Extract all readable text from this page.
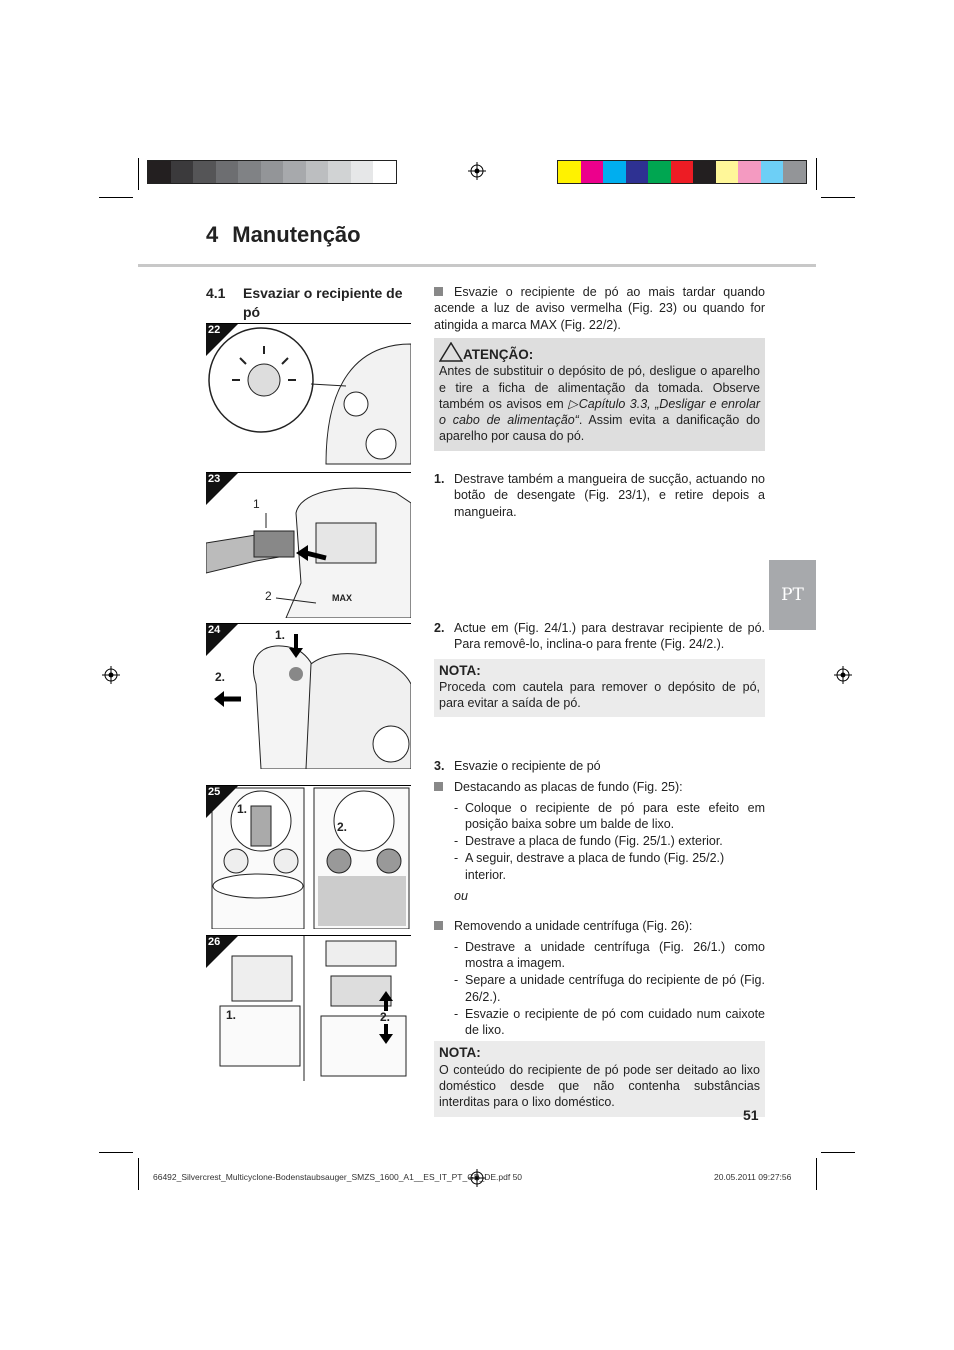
4 Manutenção
4.1 Esvaziar o recipiente de pó
22
23
1
2	MAX
24	1.
2.
25
1.
2.
26
1.	2.
Esvazie o recipiente de pó ao mais tardar quando acende a luz de aviso vermelha (Fig. 23) ou quando for atingida a marca MAX (Fig. 22/2).
ATENÇÃO:
Antes de substituir o depósito de pó, desligue o aparelho e tire a ficha de alimentação da tomada. Observe também os avisos em ▷Capítulo 3.3, „Desligar e enrolar o cabo de alimentação“. Assim evita a danificação do aparelho por causa do pó.
1. Destrave também a mangueira de sucção, actuando no botão de desengate (Fig. 23/1), e retire depois a mangueira.
2. Actue em (Fig. 24/1.) para destravar recipiente de pó. Para removê-lo, inclina-o para frente (Fig. 24/2.).
NOTA:
Proceda com cautela para remover o depósito de pó, para evitar a saída de pó.
3. Esvazie o recipiente de pó
Destacando as placas de fundo (Fig. 25):
- Coloque o recipiente de pó para este efeito em posição baixa sobre um balde de lixo.
- Destrave a placa de fundo (Fig. 25/1.) exterior.
- A seguir, destrave a placa de fundo (Fig. 25/2.) interior.
ou
Removendo a unidade centrífuga (Fig. 26):
- Destrave a unidade centrífuga (Fig. 26/1.) como mostra a imagem.
- Separe a unidade centrífuga do recipiente de pó (Fig. 26/2.).
- Esvazie o recipiente de pó com cuidado num caixote de lixo.
NOTA:
O conteúdo do recipiente de pó pode ser deitado ao lixo doméstico desde que não contenha substâncias interditas para o lixo doméstico.
PT
51
66492_Silvercrest_Multicyclone-Bodenstaubsauger_SMZS_1600_A1__ES_IT_PT_GB_DE.pdf 50	20.05.2011 09:27:56
